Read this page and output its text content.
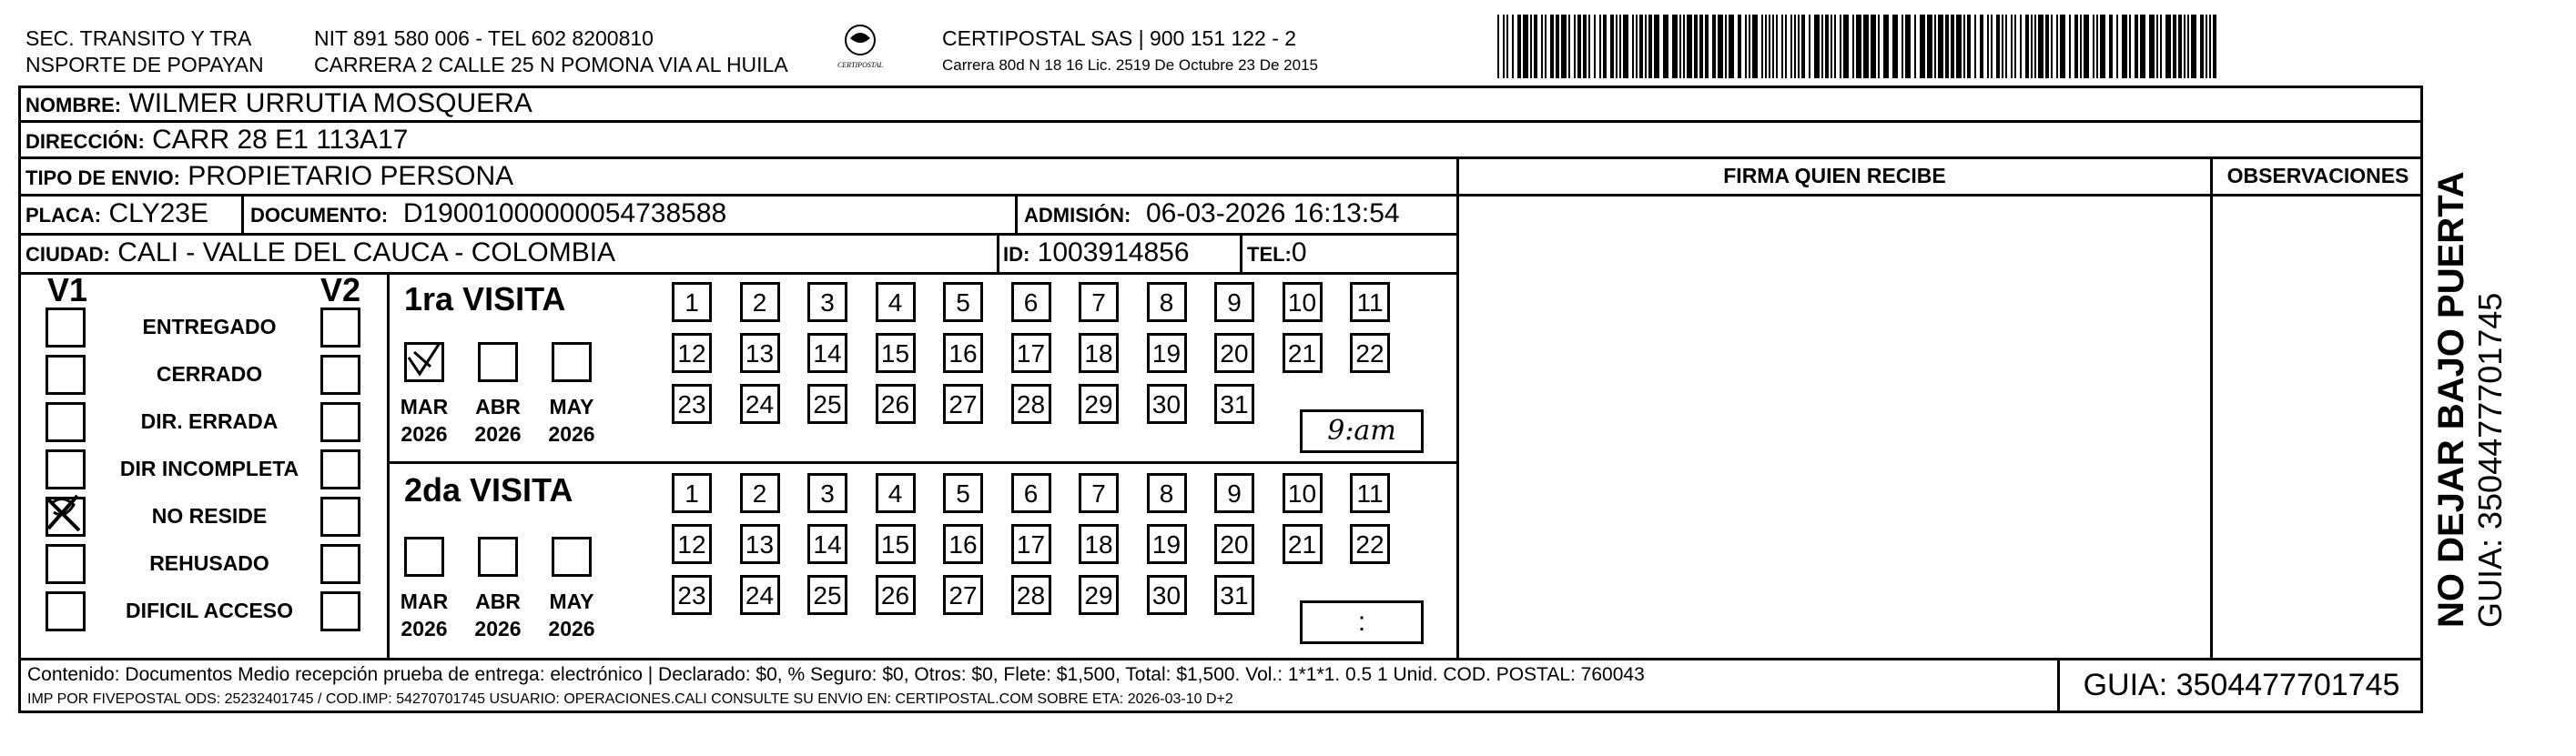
SEC. TRANSITO Y TRA
NSPORTE DE POPAYAN
NIT 891 580 006 - TEL 602 8200810
CARRERA 2 CALLE 25 N POMONA VIA AL HUILA	CERTIPOSTAL
CERTIPOSTAL SAS | 900 151 122 - 2
Carrera 80d N 18 16 Lic. 2519 De Octubre 23 De 2015
NOMBRE: WILMER URRUTIA MOSQUERA
DIRECCIÓN: CARR 28 E1 113A17
TIPO DE ENVIO: PROPIETARIO PERSONA	FIRMA QUIEN RECIBE	OBSERVACIONES
PLACA: CLY23E DOCUMENTO: D19001000000054738588	ADMISIÓN: 06-03-2026 16:13:54
CIUDAD: CALI - VALLE DEL CAUCA - COLOMBIA	ID: 1003914856	TEL:0
V1	V2
ENTREGADO
CERRADO
DIR. ERRADA
DIR INCOMPLETA
NO RESIDE
REHUSADO
DIFICIL ACCESO
1ra VISITA
MAR
2026
ABR
2026
MAY
2026
1	2	3	4	5	6	7	8	9	10 11
12 13 14 15 16 17 18 19 20 21 22
23 24 25 26 27 28 29 30 31
9:am
2da VISITA
MAR
2026
ABR
2026
MAY
2026
1	2	3	4	5	6	7	8	9	10 11
12 13 14 15 16 17 18 19 20 21 22
23 24 25 26 27 28 29 30 31
:
Contenido: Documentos Medio recepción prueba de entrega: electrónico | Declarado: $0, % Seguro: $0, Otros: $0, Flete: $1,500, Total: $1,500. Vol.: 1*1*1. 0.5 1 Unid. COD. POSTAL: 760043
IMP POR FIVEPOSTAL ODS: 25232401745 / COD.IMP: 54270701745 USUARIO: OPERACIONES.CALI CONSULTE SU ENVIO EN: CERTIPOSTAL.COM SOBRE ETA: 2026-03-10 D+2	GUIA: 3504477701745
NO DEJAR BAJO PUERTA GUIA: 3504477701745
